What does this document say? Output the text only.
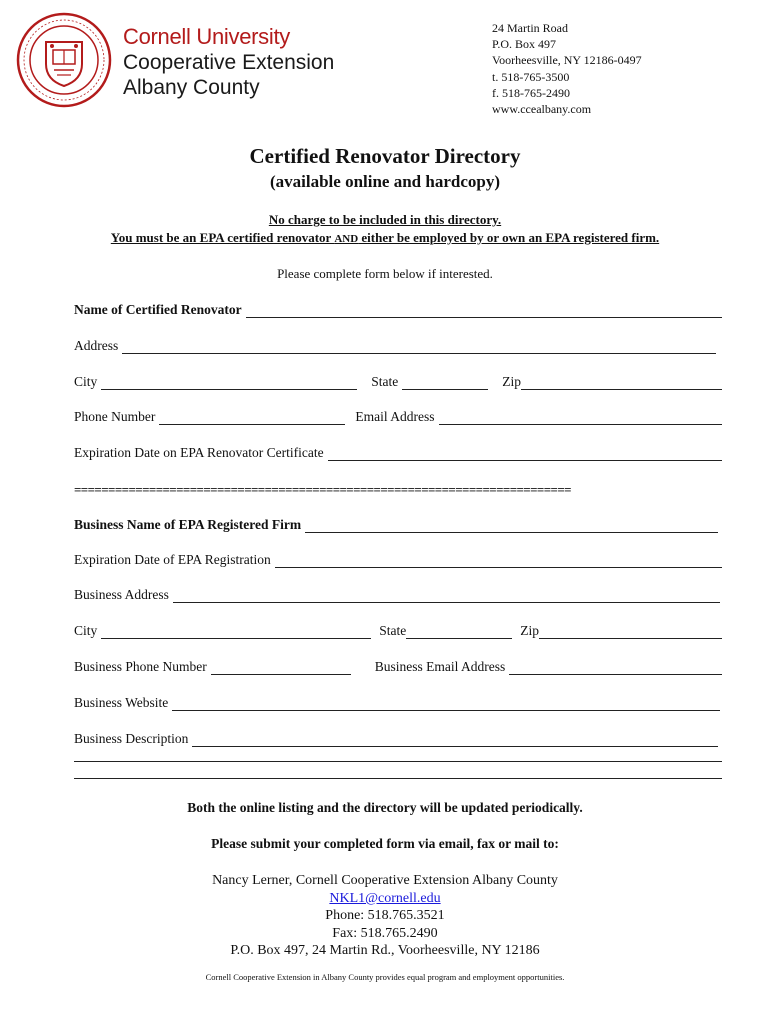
Cornell University
Cooperative Extension
Albany County
24 Martin Road
P.O. Box 497
Voorheesville, NY 12186-0497
t. 518-765-3500
f. 518-765-2490
www.ccealbany.com
Certified Renovator Directory
(available online and hardcopy)
No charge to be included in this directory.
You must be an EPA certified renovator AND either be employed by or own an EPA registered firm.
Please complete form below if interested.
Name of Certified Renovator
Address
City	State	Zip
Phone Number	Email Address
Expiration Date on EPA Renovator Certificate
=========================================================================
Business Name of EPA Registered Firm
Expiration Date of EPA Registration
Business Address
City	State	Zip
Business Phone Number	Business Email Address
Business Website
Business Description
Both the online listing and the directory will be updated periodically.
Please submit your completed form via email, fax or mail to:
Nancy Lerner, Cornell Cooperative Extension Albany County
NKL1@cornell.edu
Phone: 518.765.3521
Fax: 518.765.2490
P.O. Box 497, 24 Martin Rd., Voorheesville, NY 12186
Cornell Cooperative Extension in Albany County provides equal program and employment opportunities.
